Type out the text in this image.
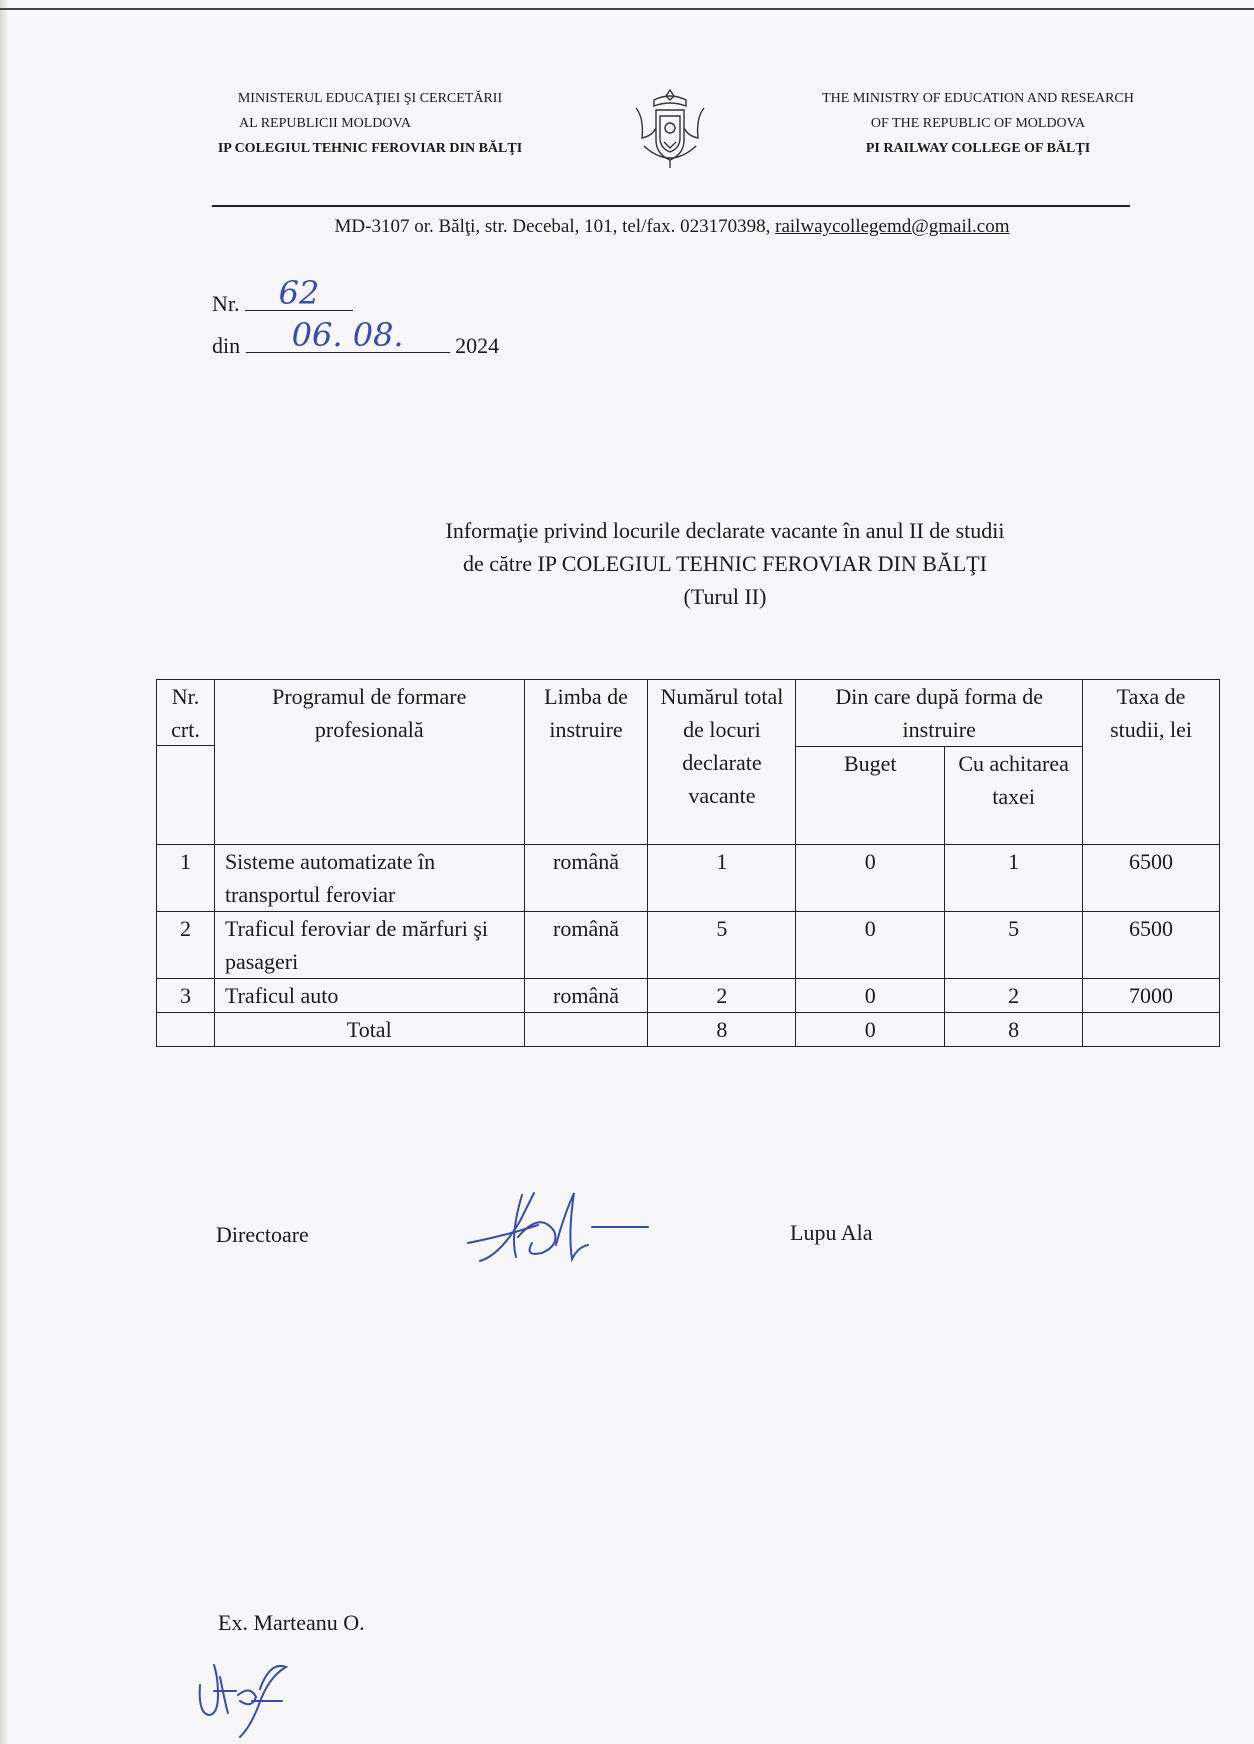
MINISTERUL EDUCAŢIEI ŞI CERCETĂRII

AL REPUBLICII MOLDOVA
IP COLEGIUL TEHNIC FEROVIAR DIN BĂLŢI
THE MINISTRY OF EDUCATION AND RESEARCH
OF THE REPUBLIC OF MOLDOVA
PI RAILWAY COLLEGE OF BĂLŢI
MD-3107 or. Bălţi, str. Decebal, 101, tel/fax. 023170398, railwaycollegemd@gmail.com
Nr.	62
din	06. 08.	2024
Informaţie privind locurile declarate vacante în anul II de studii
de către IP COLEGIUL TEHNIC FEROVIAR DIN BĂLŢI
(Turul II)
Nr. crt.	Programul de formare profesională	Limba de instruire	Numărul total de locuri declarate vacante	Din care după forma de instruire		Taxa de studii, lei
				Buget	Cu achitarea taxei	
1	Sisteme automatizate în transportul feroviar	română	1	0	1	6500
2	Traficul feroviar de mărfuri şi pasageri	română	5	0	5	6500
3	Traficul auto	română	2	0	2	7000
	Total		8	0	8	
Directoare	Lupu Ala
Ex. Marteanu O.
